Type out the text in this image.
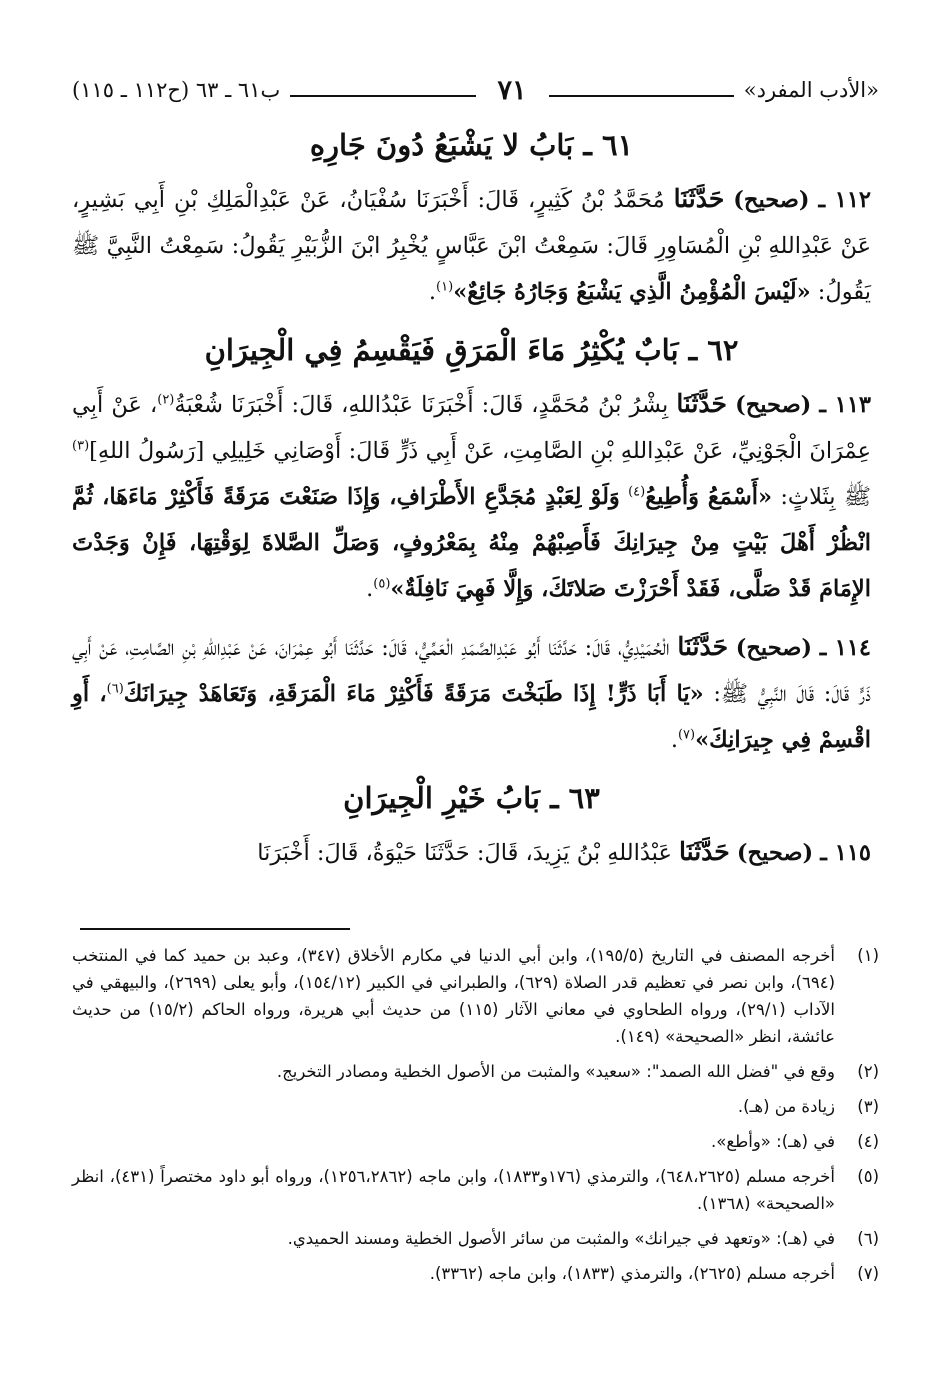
«الأدب المفرد»
٧١
ب٦١ ـ ٦٣ (ح١١٢ ـ ١١٥)
٦١ ـ بَابُ لا يَشْبَعُ دُونَ جَارِهِ

١١٢ ـ (صحيح) حَدَّثَنَا مُحَمَّدُ بْنُ كَثِيرٍ، قَالَ: أَخْبَرَنَا سُفْيَانُ، عَنْ عَبْدِالْمَلِكِ بْنِ أَبِي بَشِيرٍ، عَنْ عَبْدِاللهِ بْنِ الْمُسَاوِرِ قَالَ: سَمِعْتُ ابْنَ عَبَّاسٍ يُخْبِرُ ابْنَ الزُّبَيْرِ يَقُولُ: سَمِعْتُ النَّبِيَّ ﷺ يَقُولُ: «لَيْسَ الْمُؤْمِنُ الَّذِي يَشْبَعُ وَجَارُهُ جَائِعٌ»$^{(١)}$.

٦٢ ـ بَابٌ يُكْثِرُ مَاءَ الْمَرَقِ فَيَقْسِمُ فِي الْجِيرَانِ

١١٣ ـ (صحيح) حَدَّثَنَا بِشْرُ بْنُ مُحَمَّدٍ، قَالَ: أَخْبَرَنَا عَبْدُاللهِ، قَالَ: أَخْبَرَنَا شُعْبَةُ$^{(٢)}$، عَنْ أَبِي عِمْرَانَ الْجَوْنِيِّ، عَنْ عَبْدِاللهِ بْنِ الصَّامِتِ، عَنْ أَبِي ذَرٍّ قَالَ: أَوْصَانِي خَلِيلِي [رَسُولُ اللهِ]$^{(٣)}$ ﷺ بِثَلاثٍ: «أَسْمَعُ وَأُطِيعُ$^{(٤)}$ وَلَوْ لِعَبْدٍ مُجَدَّعِ الأَطْرَافِ، وَإِذَا صَنَعْتَ مَرَقَةً فَأَكْثِرْ مَاءَهَا، ثُمَّ انْظُرْ أَهْلَ بَيْتٍ مِنْ جِيرَانِكَ فَأَصِبْهُمْ مِنْهُ بِمَعْرُوفٍ، وَصَلِّ الصَّلاةَ لِوَقْتِهَا، فَإِنْ وَجَدْتَ الإِمَامَ قَدْ صَلَّى، فَقَدْ أَحْرَزْتَ صَلاتَكَ، وَإِلَّا فَهِيَ نَافِلَةٌ»$^{(٥)}$.

١١٤ ـ (صحيح) حَدَّثَنَا الْحُمَيْدِيُّ، قَالَ: حَدَّثَنَا أَبُو عَبْدِالصَّمَدِ الْعَمِّيُّ، قَالَ: حَدَّثَنَا أَبُو عِمْرَانَ، عَنْ عَبْدِاللهِ بْنِ الصَّامِتِ، عَنْ أَبِي ذَرٍّ قَالَ: قَالَ النَّبِيُّ ﷺ: «يَا أَبَا ذَرٍّ! إِذَا طَبَخْتَ مَرَقَةً فَأَكْثِرْ مَاءَ الْمَرَقَةِ، وَتَعَاهَدْ جِيرَانَكَ$^{(٦)}$، أَوِ اقْسِمْ فِي جِيرَانِكَ»$^{(٧)}$.

٦٣ ـ بَابُ خَيْرِ الْجِيرَانِ

١١٥ ـ (صحيح) حَدَّثَنَا عَبْدُاللهِ بْنُ يَزِيدَ، قَالَ: حَدَّثَنَا حَيْوَةُ، قَالَ: أَخْبَرَنَا

(١)
أخرجه المصنف في التاريخ (١٩٥/٥)، وابن أبي الدنيا في مكارم الأخلاق (٣٤٧)، وعبد بن حميد كما في المنتخب (٦٩٤)، وابن نصر في تعظيم قدر الصلاة (٦٢٩)، والطبراني في الكبير (١٥٤/١٢)، وأبو يعلى (٢٦٩٩)، والبيهقي في الآداب (٢٩/١)، ورواه الطحاوي في معاني الآثار (١١٥) من حديث أبي هريرة، ورواه الحاكم (١٥/٢) من حديث عائشة، انظر «الصحيحة» (١٤٩).
(٢)
وقع في "فضل الله الصمد": «سعيد» والمثبت من الأصول الخطية ومصادر التخريج.
(٣)
زيادة من (هـ).
(٤)
في (هـ): «وأطع».
(٥)
أخرجه مسلم (٦٤٨،٢٦٢٥)، والترمذي (١٧٦و١٨٣٣)، وابن ماجه (١٢٥٦،٢٨٦٢)، ورواه أبو داود مختصراً (٤٣١)، انظر «الصحيحة» (١٣٦٨).
(٦)
في (هـ): «وتعهد في جيرانك» والمثبت من سائر الأصول الخطية ومسند الحميدي.
(٧)
أخرجه مسلم (٢٦٢٥)، والترمذي (١٨٣٣)، وابن ماجه (٣٣٦٢).
